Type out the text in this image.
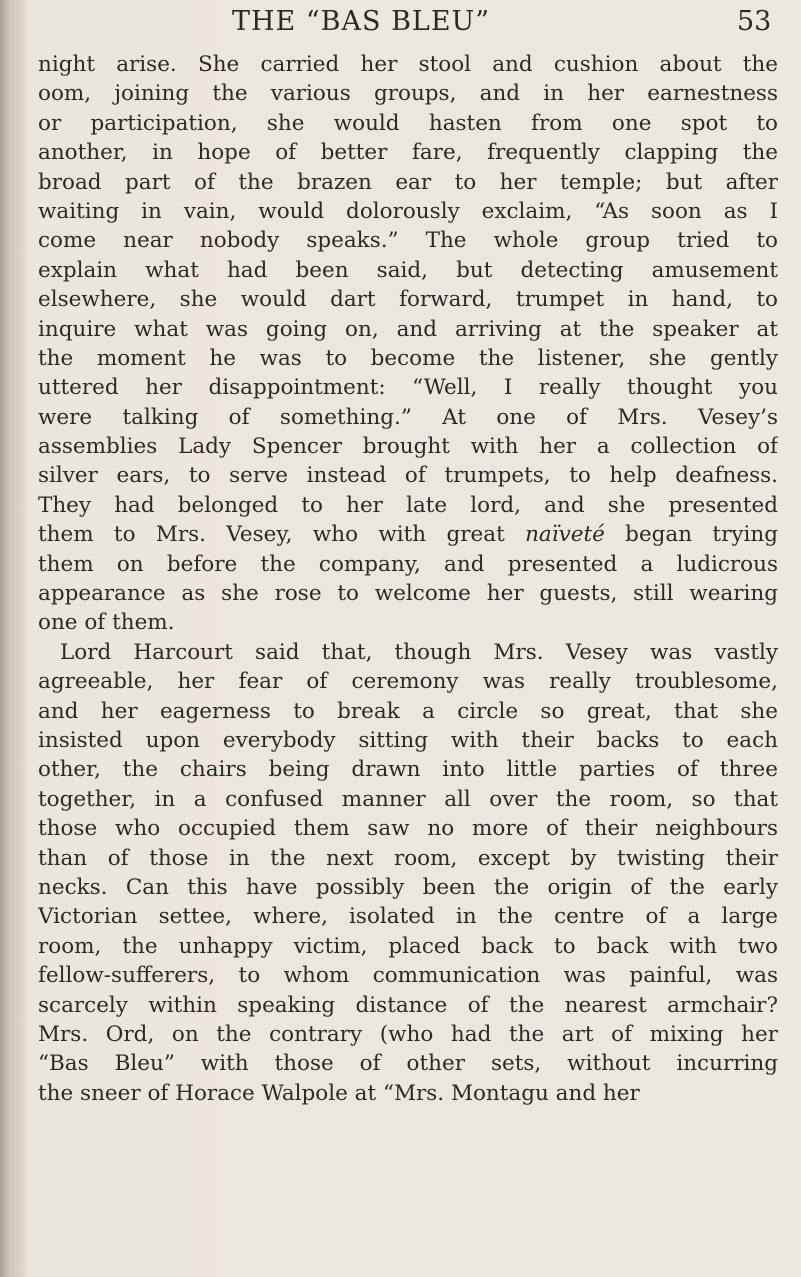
THE “BAS BLEU”	53
night arise. She carried her stool and cushion about the
oom, joining the various groups, and in her earnestness
or participation, she would hasten from one spot to
another, in hope of better fare, frequently clapping the
broad part of the brazen ear to her temple; but after
waiting in vain, would dolorously exclaim, “As soon as I
come near nobody speaks.” The whole group tried to
explain what had been said, but detecting amusement
elsewhere, she would dart forward, trumpet in hand, to
inquire what was going on, and arriving at the speaker at
the moment he was to become the listener, she gently
uttered her disappointment: “Well, I really thought you
were talking of something.” At one of Mrs. Vesey’s
assemblies Lady Spencer brought with her a collection of
silver ears, to serve instead of trumpets, to help deafness.
They had belonged to her late lord, and she presented
them to Mrs. Vesey, who with great naïveté began trying
them on before the company, and presented a ludicrous
appearance as she rose to welcome her guests, still wearing
one of them.
Lord Harcourt said that, though Mrs. Vesey was vastly
agreeable, her fear of ceremony was really troublesome,
and her eagerness to break a circle so great, that she
insisted upon everybody sitting with their backs to each
other, the chairs being drawn into little parties of three
together, in a confused manner all over the room, so that
those who occupied them saw no more of their neighbours
than of those in the next room, except by twisting their
necks. Can this have possibly been the origin of the early
Victorian settee, where, isolated in the centre of a large
room, the unhappy victim, placed back to back with two
fellow-sufferers, to whom communication was painful, was
scarcely within speaking distance of the nearest armchair?
Mrs. Ord, on the contrary (who had the art of mixing her
“Bas Bleu” with those of other sets, without incurring
the sneer of Horace Walpole at “Mrs. Montagu and her
